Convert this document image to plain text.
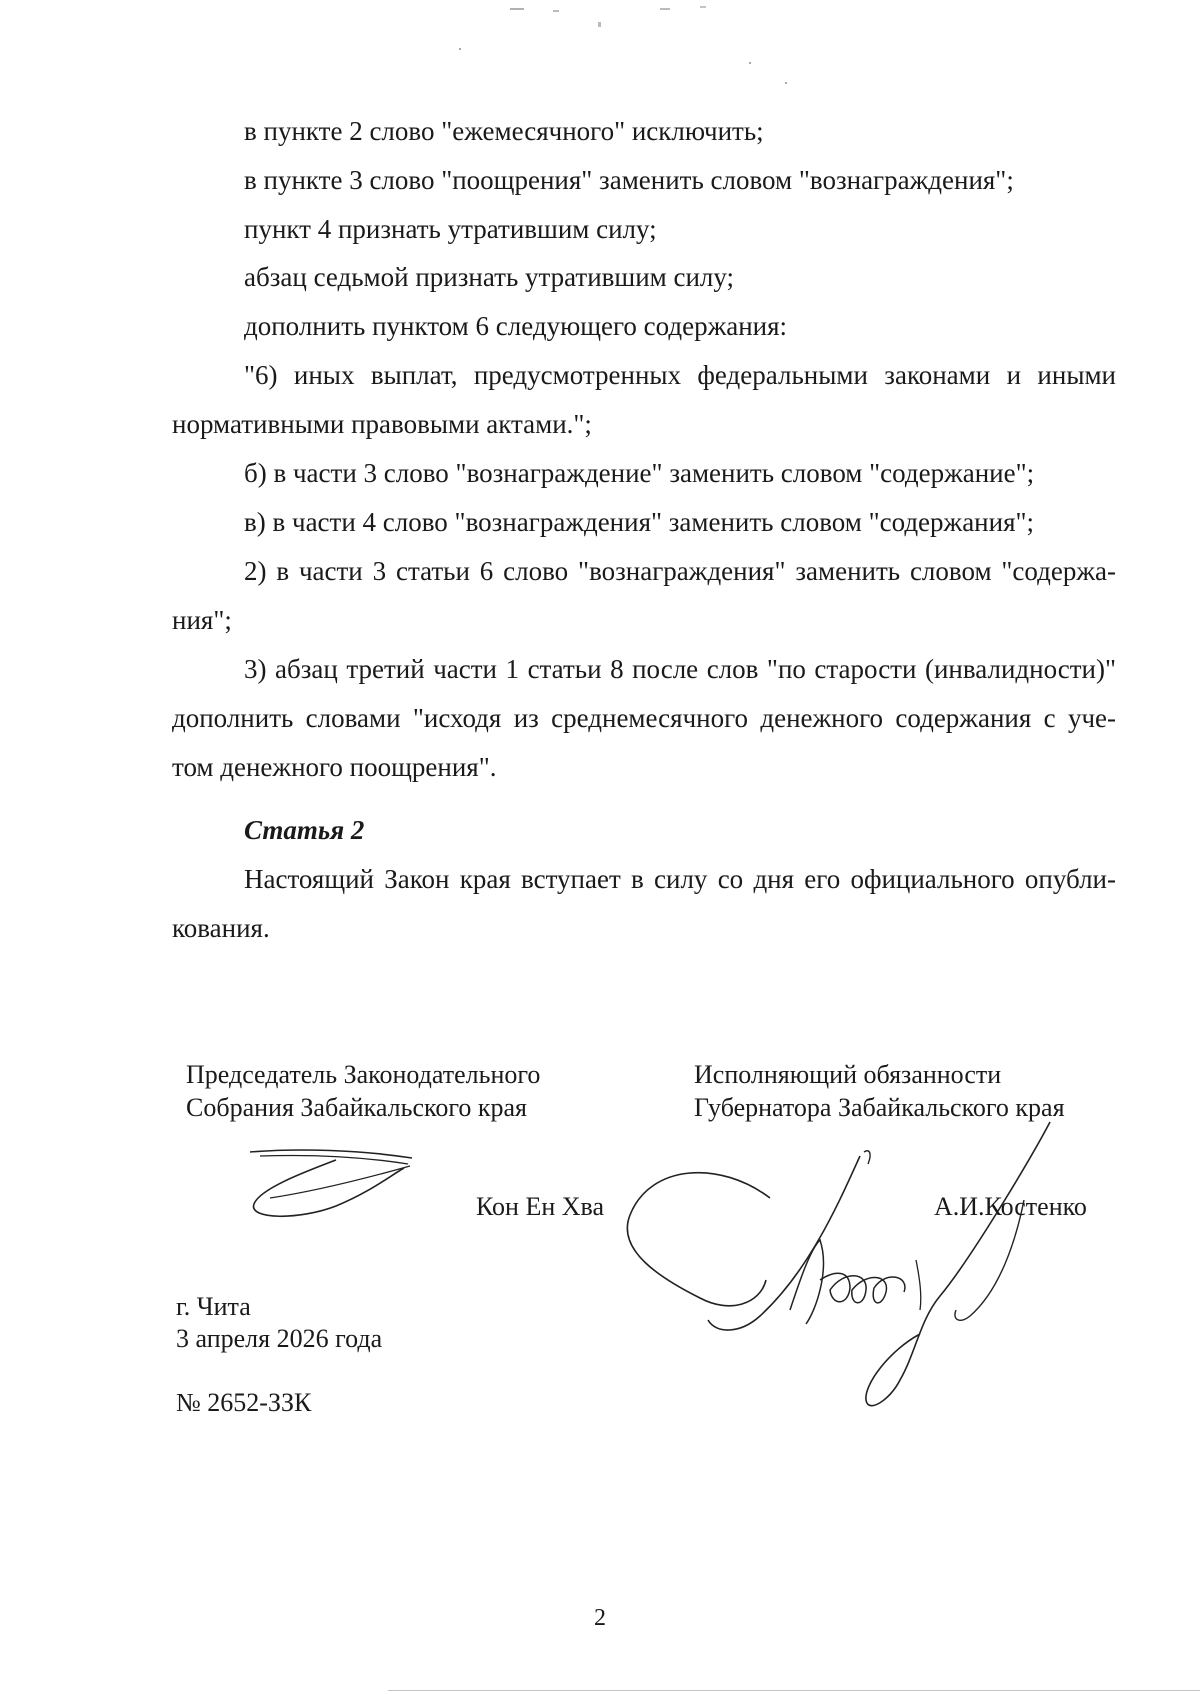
в пункте 2 слово "ежемесячного" исключить;
в пункте 3 слово "поощрения" заменить словом "вознаграждения";
пункт 4 признать утратившим силу;
абзац седьмой признать утратившим силу;
дополнить пунктом 6 следующего содержания:
"6) иных выплат, предусмотренных федеральными законами и иными
нормативными правовыми актами.";
б) в части 3 слово "вознаграждение" заменить словом "содержание";
в) в части 4 слово "вознаграждения" заменить словом "содержания";
2) в части 3 статьи 6 слово "вознаграждения" заменить словом "содержа-
ния";
3) абзац третий части 1 статьи 8 после слов "по старости (инвалидности)"
дополнить словами "исходя из среднемесячного денежного содержания с уче-
том денежного поощрения".
Статья 2
Настоящий Закон края вступает в силу со дня его официального опубли-
кования.
Председатель Законодательного
Собрания Забайкальского края
Исполняющий обязанности
Губернатора Забайкальского края
Кон Ен Хва	А.И.Костенко
г. Чита
3 апреля 2026 года
№ 2652-ЗЗК
2
